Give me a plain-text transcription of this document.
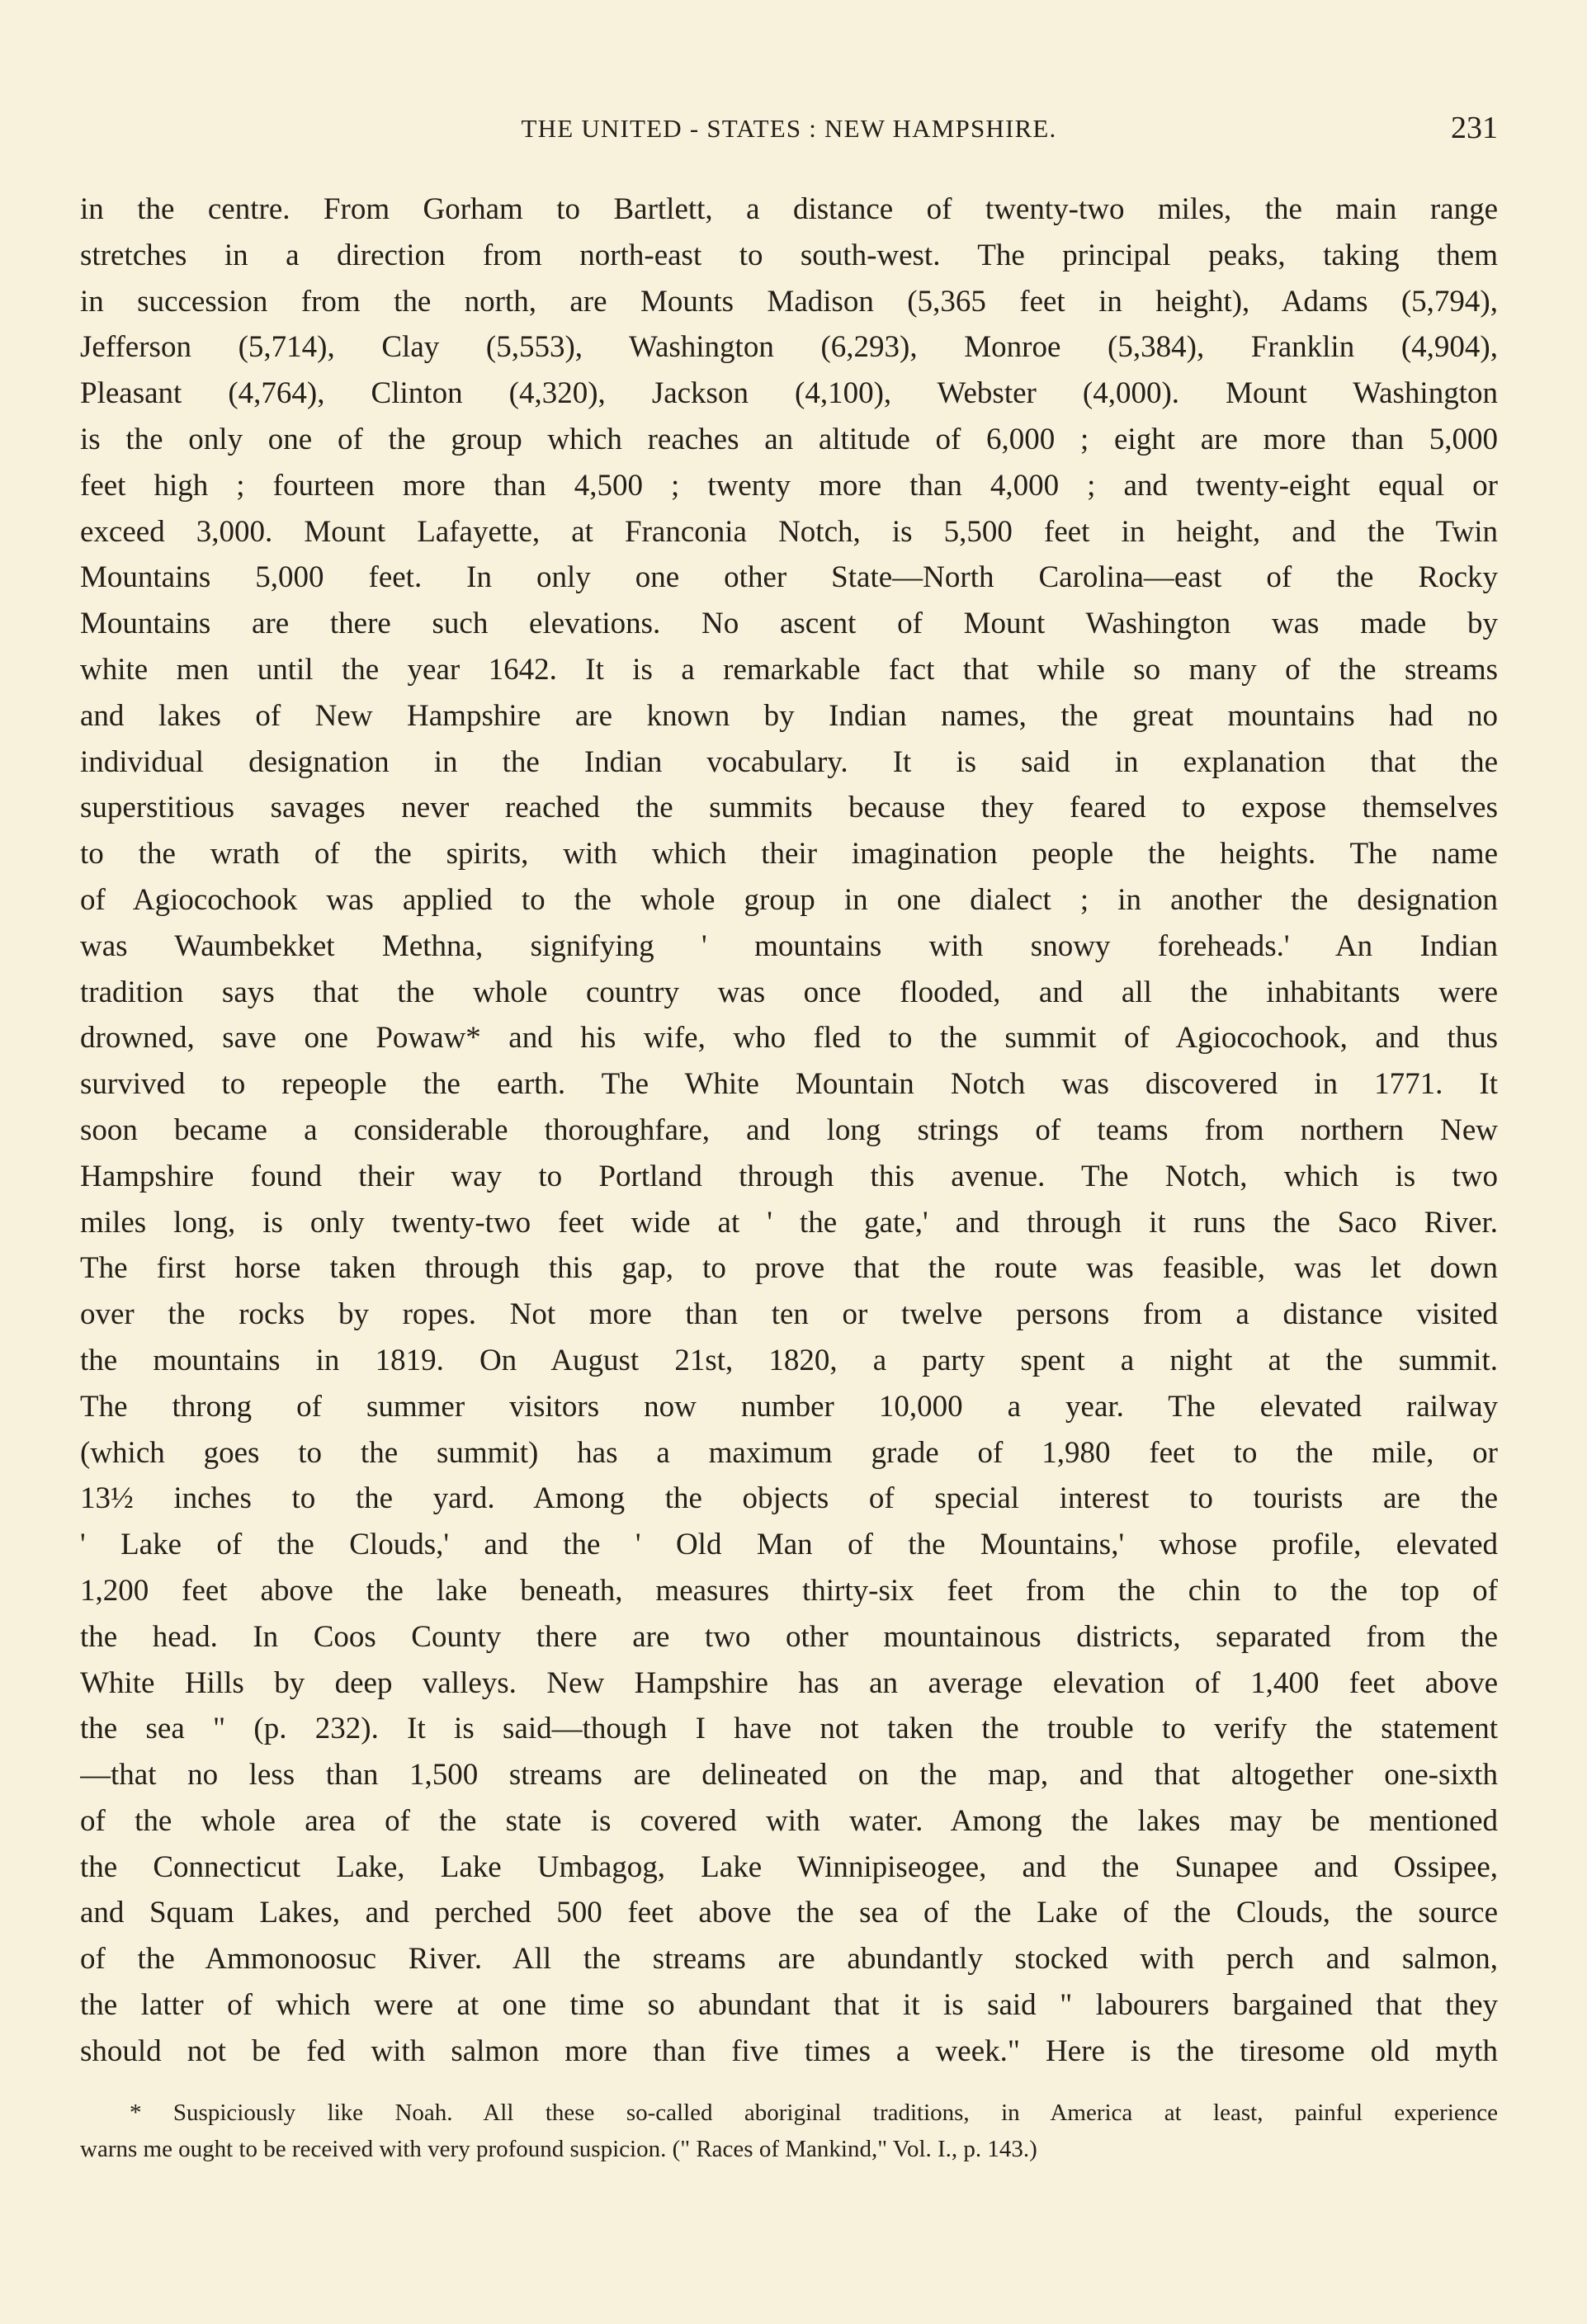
THE UNITED - STATES : NEW HAMPSHIRE.	231
in the centre. From Gorham to Bartlett, a distance of twenty-two miles, the main range
stretches in a direction from north-east to south-west. The principal peaks, taking them
in succession from the north, are Mounts Madison (5,365 feet in height), Adams (5,794),
Jefferson (5,714), Clay (5,553), Washington (6,293), Monroe (5,384), Franklin (4,904),
Pleasant (4,764), Clinton (4,320), Jackson (4,100), Webster (4,000). Mount Washington
is the only one of the group which reaches an altitude of 6,000 ; eight are more than 5,000
feet high ; fourteen more than 4,500 ; twenty more than 4,000 ; and twenty-eight equal or
exceed 3,000. Mount Lafayette, at Franconia Notch, is 5,500 feet in height, and the Twin
Mountains 5,000 feet. In only one other State—North Carolina—east of the Rocky
Mountains are there such elevations. No ascent of Mount Washington was made by
white men until the year 1642. It is a remarkable fact that while so many of the streams
and lakes of New Hampshire are known by Indian names, the great mountains had no
individual designation in the Indian vocabulary. It is said in explanation that the
superstitious savages never reached the summits because they feared to expose themselves
to the wrath of the spirits, with which their imagination people the heights. The name
of Agiocochook was applied to the whole group in one dialect ; in another the designation
was Waumbekket Methna, signifying ' mountains with snowy foreheads.' An Indian
tradition says that the whole country was once flooded, and all the inhabitants were
drowned, save one Powaw* and his wife, who fled to the summit of Agiocochook, and thus
survived to repeople the earth. The White Mountain Notch was discovered in 1771. It
soon became a considerable thoroughfare, and long strings of teams from northern New
Hampshire found their way to Portland through this avenue. The Notch, which is two
miles long, is only twenty-two feet wide at ' the gate,' and through it runs the Saco River.
The first horse taken through this gap, to prove that the route was feasible, was let down
over the rocks by ropes. Not more than ten or twelve persons from a distance visited
the mountains in 1819. On August 21st, 1820, a party spent a night at the summit.
The throng of summer visitors now number 10,000 a year. The elevated railway
(which goes to the summit) has a maximum grade of 1,980 feet to the mile, or
13½ inches to the yard. Among the objects of special interest to tourists are the
' Lake of the Clouds,' and the ' Old Man of the Mountains,' whose profile, elevated
1,200 feet above the lake beneath, measures thirty-six feet from the chin to the top of
the head. In Coos County there are two other mountainous districts, separated from the
White Hills by deep valleys. New Hampshire has an average elevation of 1,400 feet above
the sea " (p. 232). It is said—though I have not taken the trouble to verify the statement
—that no less than 1,500 streams are delineated on the map, and that altogether one-sixth
of the whole area of the state is covered with water. Among the lakes may be mentioned
the Connecticut Lake, Lake Umbagog, Lake Winnipiseogee, and the Sunapee and Ossipee,
and Squam Lakes, and perched 500 feet above the sea of the Lake of the Clouds, the source
of the Ammonoosuc River. All the streams are abundantly stocked with perch and salmon,
the latter of which were at one time so abundant that it is said " labourers bargained that they
should not be fed with salmon more than five times a week." Here is the tiresome old myth
* Suspiciously like Noah. All these so-called aboriginal traditions, in America at least, painful experience
warns me ought to be received with very profound suspicion. (" Races of Mankind," Vol. I., p. 143.)
